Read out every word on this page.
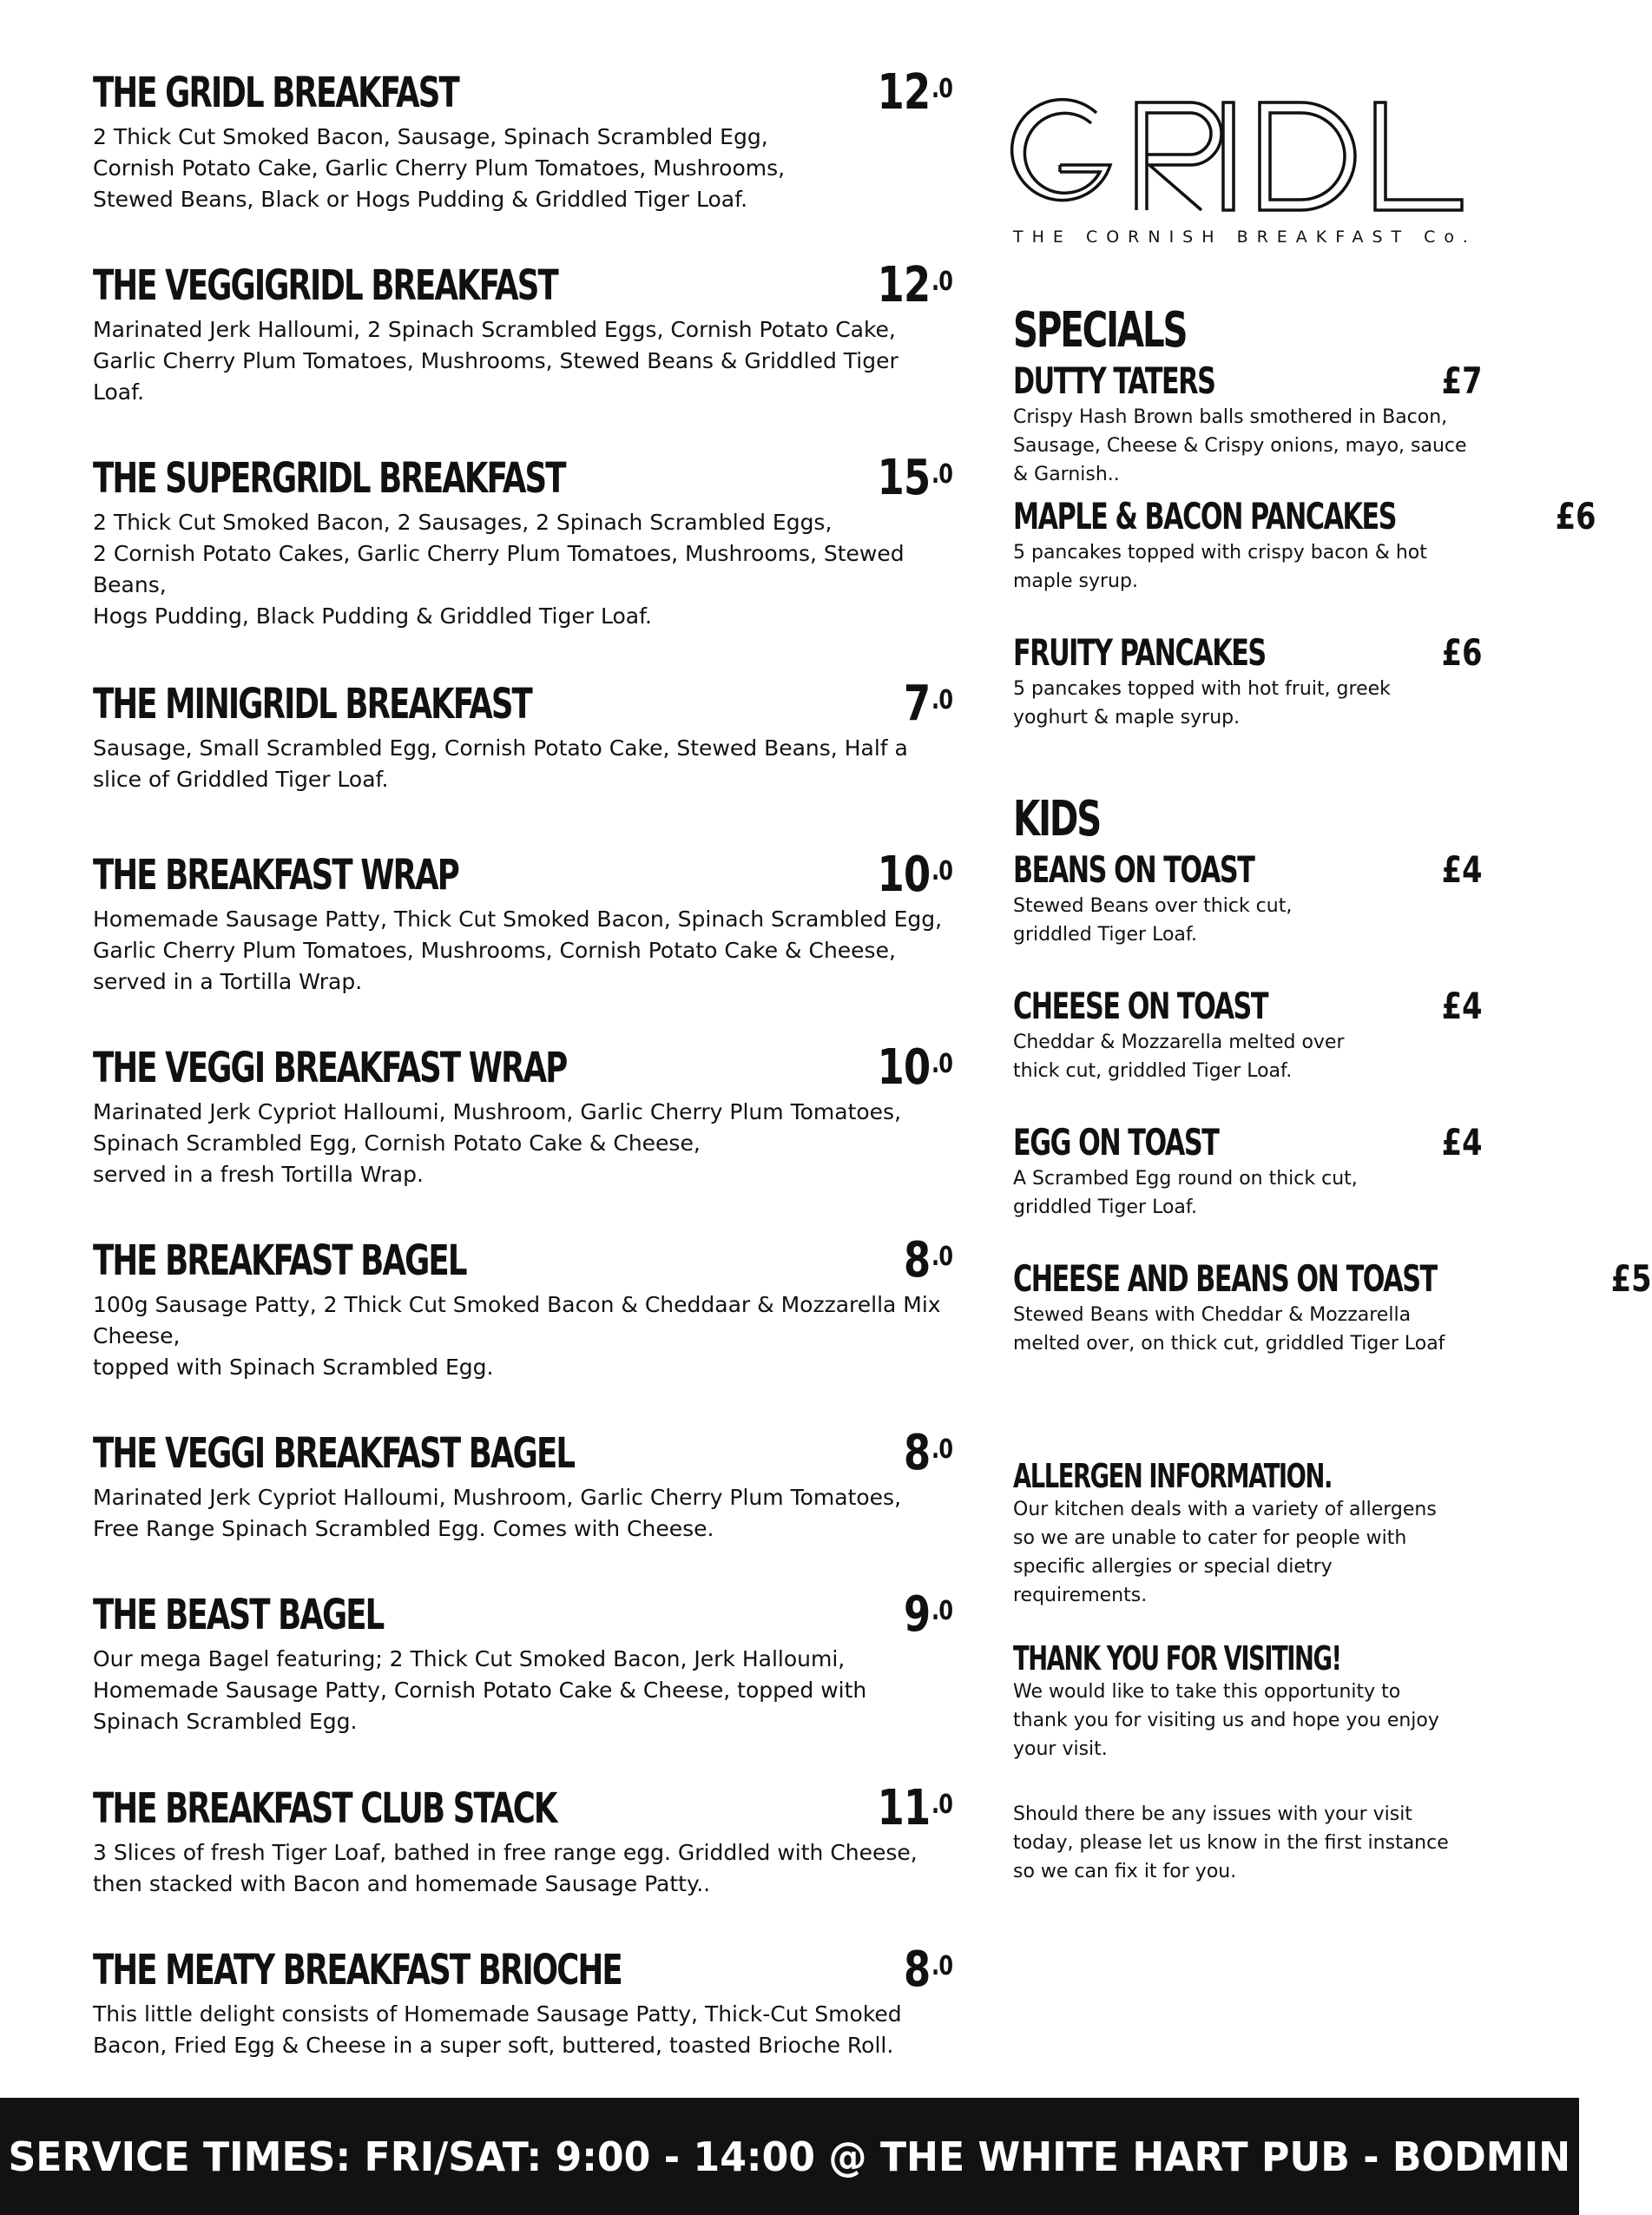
THE GRIDL BREAKFAST	$12^{.0}$
2 Thick Cut Smoked Bacon, Sausage, Spinach Scrambled Egg,
Cornish Potato Cake, Garlic Cherry Plum Tomatoes, Mushrooms,
Stewed Beans, Black or Hogs Pudding & Griddled Tiger Loaf.
THE VEGGIGRIDL BREAKFAST	$12^{.0}$
Marinated Jerk Halloumi, 2 Spinach Scrambled Eggs, Cornish Potato Cake,
Garlic Cherry Plum Tomatoes, Mushrooms, Stewed Beans & Griddled Tiger
Loaf.
THE SUPERGRIDL BREAKFAST	$15^{.0}$
2 Thick Cut Smoked Bacon, 2 Sausages, 2 Spinach Scrambled Eggs,
2 Cornish Potato Cakes, Garlic Cherry Plum Tomatoes, Mushrooms, Stewed
Beans,
Hogs Pudding, Black Pudding & Griddled Tiger Loaf.
THE MINIGRIDL BREAKFAST	$7^{.0}$
Sausage, Small Scrambled Egg, Cornish Potato Cake, Stewed Beans, Half a
slice of Griddled Tiger Loaf.
THE BREAKFAST WRAP	$10^{.0}$
Homemade Sausage Patty, Thick Cut Smoked Bacon, Spinach Scrambled Egg,
Garlic Cherry Plum Tomatoes, Mushrooms, Cornish Potato Cake & Cheese,
served in a Tortilla Wrap.
THE VEGGI BREAKFAST WRAP	$10^{.0}$
Marinated Jerk Cypriot Halloumi, Mushroom, Garlic Cherry Plum Tomatoes,
Spinach Scrambled Egg, Cornish Potato Cake & Cheese,
served in a fresh Tortilla Wrap.
THE BREAKFAST BAGEL	$8^{.0}$
100g Sausage Patty, 2 Thick Cut Smoked Bacon & Cheddaar & Mozzarella Mix
Cheese,
topped with Spinach Scrambled Egg.
THE VEGGI BREAKFAST BAGEL	$8^{.0}$
Marinated Jerk Cypriot Halloumi, Mushroom, Garlic Cherry Plum Tomatoes,
Free Range Spinach Scrambled Egg. Comes with Cheese.
THE BEAST BAGEL	$9^{.0}$
Our mega Bagel featuring; 2 Thick Cut Smoked Bacon, Jerk Halloumi,
Homemade Sausage Patty, Cornish Potato Cake & Cheese, topped with
Spinach Scrambled Egg.
THE BREAKFAST CLUB STACK	$11^{.0}$
3 Slices of fresh Tiger Loaf, bathed in free range egg. Griddled with Cheese,
then stacked with Bacon and homemade Sausage Patty..
THE MEATY BREAKFAST BRIOCHE	$8^{.0}$
This little delight consists of Homemade Sausage Patty, Thick-Cut Smoked
Bacon, Fried Egg & Cheese in a super soft, buttered, toasted Brioche Roll.
THE CORNISH BREAKFAST Co.
SPECIALS
DUTTY TATERS	£7
Crispy Hash Brown balls smothered in Bacon,
Sausage, Cheese & Crispy onions, mayo, sauce
& Garnish..
MAPLE & BACON PANCAKES	£6
5 pancakes topped with crispy bacon & hot
maple syrup.
FRUITY PANCAKES	£6
5 pancakes topped with hot fruit, greek
yoghurt & maple syrup.
KIDS
BEANS ON TOAST	£4
Stewed Beans over thick cut,
griddled Tiger Loaf.
CHEESE ON TOAST	£4
Cheddar & Mozzarella melted over
thick cut, griddled Tiger Loaf.
EGG ON TOAST	£4
A Scrambed Egg round on thick cut,
griddled Tiger Loaf.
CHEESE AND BEANS ON TOAST	£5
Stewed Beans with Cheddar & Mozzarella
melted over, on thick cut, griddled Tiger Loaf
ALLERGEN INFORMATION.
Our kitchen deals with a variety of allergens
so we are unable to cater for people with
specific allergies or special dietry
requirements.
THANK YOU FOR VISITING!
We would like to take this opportunity to
thank you for visiting us and hope you enjoy
your visit.
Should there be any issues with your visit
today, please let us know in the first instance
so we can fix it for you.
SERVICE TIMES: FRI/SAT: 9:00 - 14:00 @ THE WHITE HART PUB - BODMIN
